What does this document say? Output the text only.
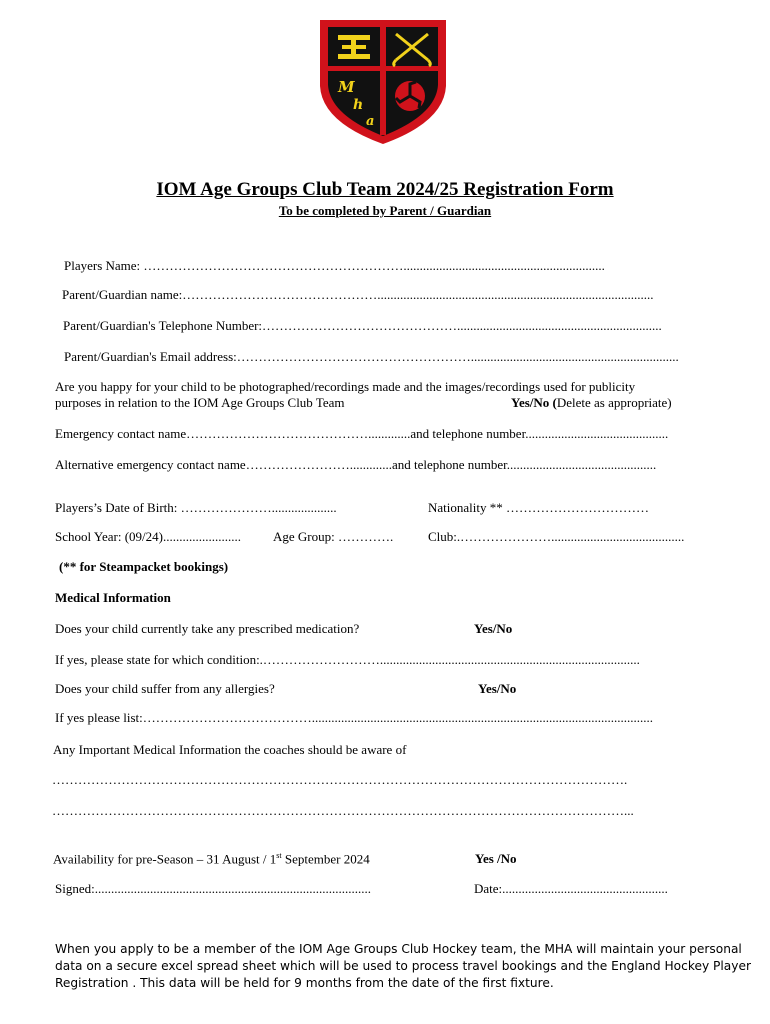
M
h
a
IOM Age Groups Club Team 2024/25 Registration Form
To be completed by Parent / Guardian
Players Name: ……………………………………………………..............................................................
Parent/Guardian name:……………………………………….....................................................................................
Parent/Guardian's Telephone Number:………………………………………...............................................................
Parent/Guardian's Email address:………………………………………………................................................................
Are you happy for your child to be photographed/recordings made and the images/recordings used for publicity
purposes in relation to the IOM Age Groups Club Team	Yes/No (Delete as appropriate)
Emergency contact name…………………………………….............and telephone number............................................
Alternative emergency contact name…………………….............and telephone number..............................................
Players’s Date of Birth: …………………....................	Nationality ** ……………………………
School Year: (09/24)........................ Age Group: ………….	Club:.………………….........................................
(** for Steampacket bookings)
Medical Information
Does your child currently take any prescribed medication?	Yes/No
If yes, please state for which condition:.………………………................................................................................
Does your child suffer from any allergies?	Yes/No
If yes please list:………………………………….........................................................................................................
Any Important Medical Information the coaches should be aware of
…………………………………………………………………………………………………………………….
……………………………………………………………………………………………………………………...
Availability for pre-Season – 31 August / 1st September 2024	Yes /No
Signed:.....................................................................................	Date:...................................................
When you apply to be a member of the IOM Age Groups Club Hockey team, the MHA will maintain your personal
data on a secure excel spread sheet which will be used to process travel bookings and the England Hockey Player
Registration . This data will be held for 9 months from the date of the first fixture.
